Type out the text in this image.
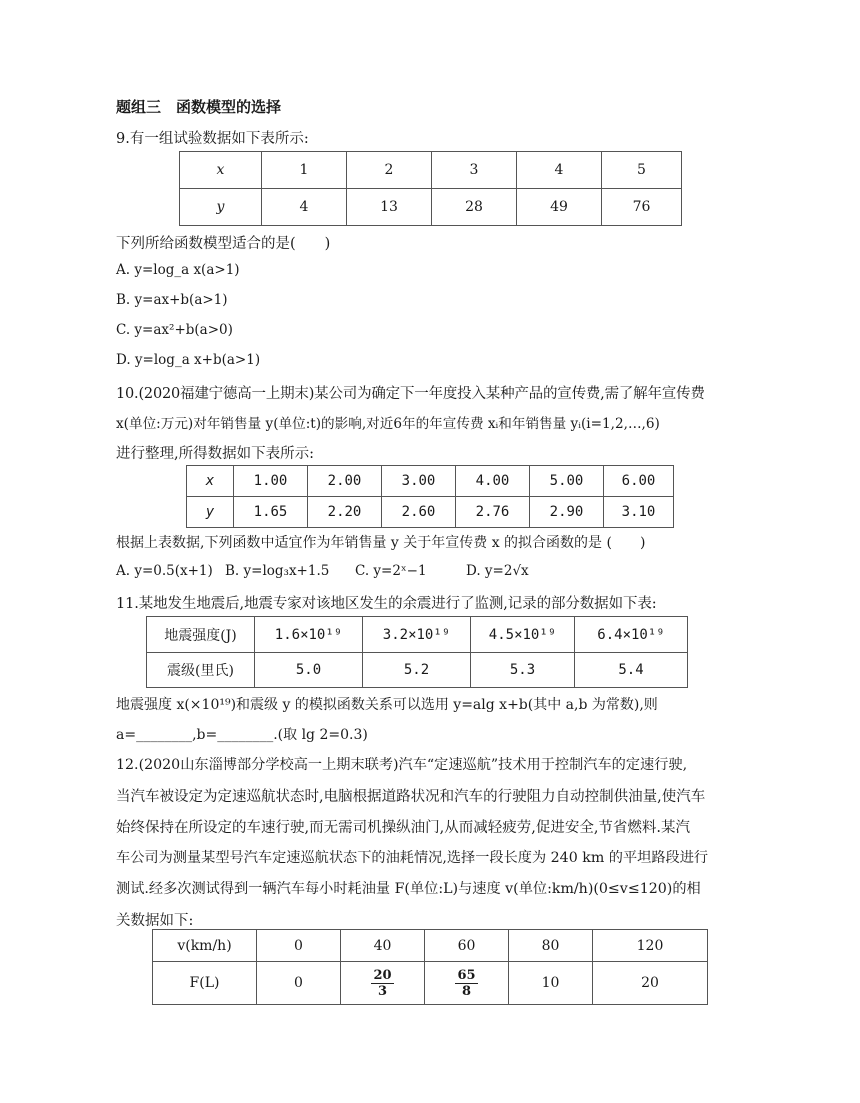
题组三　函数模型的选择
9.有一组试验数据如下表所示:
x	1	2	3	4	5
y	4	13	28	49	76
下列所给函数模型适合的是(　　)
A. y=log_a x(a>1)
B. y=ax+b(a>1)
C. y=ax²+b(a>0)
D. y=log_a x+b(a>1)
10.(2020福建宁德高一上期末)某公司为确定下一年度投入某种产品的宣传费,需了解年宣传费
x(单位:万元)对年销售量 y(单位:t)的影响,对近6年的年宣传费 xᵢ和年销售量 yᵢ(i=1,2,…,6)
进行整理,所得数据如下表所示:
x	1.00	2.00	3.00	4.00	5.00	6.00
y	1.65	2.20	2.60	2.76	2.90	3.10
根据上表数据,下列函数中适宜作为年销售量 y 关于年宣传费 x 的拟合函数的是 (　　)
A. y=0.5(x+1) B. y=log₃x+1.5 C. y=2ˣ−1	D. y=2√x
11.某地发生地震后,地震专家对该地区发生的余震进行了监测,记录的部分数据如下表:
地震强度(J)	1.6×10¹⁹	3.2×10¹⁹	4.5×10¹⁹	6.4×10¹⁹
震级(里氏)	5.0	5.2	5.3	5.4
地震强度 x(×10¹⁹)和震级 y 的模拟函数关系可以选用 y=alg x+b(其中 a,b 为常数),则
a=________,b=________.(取 lg 2=0.3)
12.(2020山东淄博部分学校高一上期末联考)汽车“定速巡航”技术用于控制汽车的定速行驶,
当汽车被设定为定速巡航状态时,电脑根据道路状况和汽车的行驶阻力自动控制供油量,使汽车
始终保持在所设定的车速行驶,而无需司机操纵油门,从而减轻疲劳,促进安全,节省燃料.某汽
车公司为测量某型号汽车定速巡航状态下的油耗情况,选择一段长度为 240 km 的平坦路段进行
测试.经多次测试得到一辆汽车每小时耗油量 F(单位:L)与速度 v(单位:km/h)(0≤v≤120)的相
关数据如下:
v(km/h)	0	40	60	80	120
F(L)	0	$\frac{20}{3}$	$\frac{65}{8}$	10	20
